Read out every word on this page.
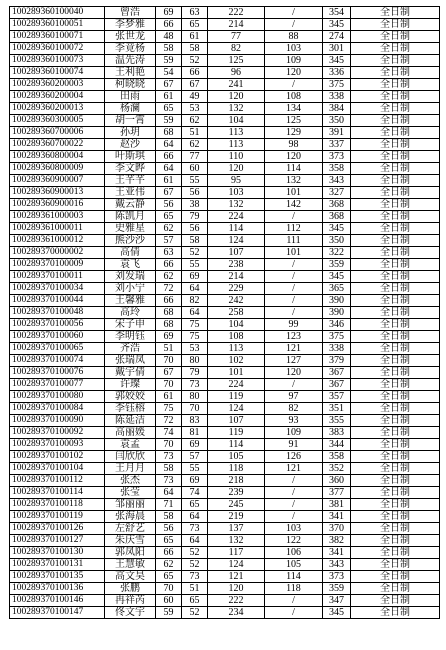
100289360100040	曾浩	69	63	222	/	354	全日制
100289360100051	李梦雅	66	65	214	/	345	全日制
100289360100071	张世龙	48	61	77	88	274	全日制
100289360100072	李竟杨	58	58	82	103	301	全日制
100289360100073	温先涛	59	52	125	109	345	全日制
100289360100074	王利艳	54	66	96	120	336	全日制
100289360200003	柯晓晓	67	67	241	/	375	全日制
100289360200004	田雨	61	49	120	108	338	全日制
100289360200013	杨澜	65	53	132	134	384	全日制
100289360300005	胡一霄	59	62	104	125	350	全日制
100289360700006	孙玥	68	51	113	129	391	全日制
100289360700022	赵沙	64	62	113	98	337	全日制
100289360800004	叶斯琪	66	77	110	120	373	全日制
100289360800009	李文晔	64	60	120	114	358	全日制
100289360900007	王芊芊	61	55	95	132	343	全日制
100289360900013	王亚伟	67	56	103	101	327	全日制
100289360900016	戴云静	56	38	132	142	368	全日制
100289361000003	陈凯月	65	79	224	/	368	全日制
100289361000011	史雅星	62	56	114	112	345	全日制
100289361000012	熊沙沙	57	58	124	111	350	全日制
100289370000002	高倩	63	52	107	101	322	全日制
100289370100009	袁飞	66	55	238	/	359	全日制
100289370100011	刘发瑞	62	69	214	/	345	全日制
100289370100034	刘小宁	72	64	229	/	365	全日制
100289370100044	王馨雅	66	82	242	/	390	全日制
100289370100048	高玲	68	64	258	/	390	全日制
100289370100056	宋子申	68	75	104	99	346	全日制
100289370100060	李明钰	69	75	108	123	375	全日制
100289370100065	齐浩	51	53	113	121	338	全日制
100289370100074	张瑞凤	70	80	102	127	379	全日制
100289370100076	戴宇倩	67	79	101	120	367	全日制
100289370100077	许璨	70	73	224	/	367	全日制
100289370100080	郭姣姣	61	80	119	97	357	全日制
100289370100084	李钰榕	75	70	124	82	351	全日制
100289370100090	陈延洁	72	83	107	93	355	全日制
100289370100092	高丽媛	74	81	119	109	383	全日制
100289370100093	袁孟	70	69	114	91	344	全日制
100289370100102	闫欣欣	73	57	105	126	358	全日制
100289370100104	王月月	58	55	118	121	352	全日制
100289370100112	张杰	73	69	218	/	360	全日制
100289370100114	张莹	64	74	239	/	377	全日制
100289370100118	邹丽丽	71	65	245	/	381	全日制
100289370100119	张海晨	58	64	219	/	341	全日制
100289370100126	左舒艺	56	73	137	103	370	全日制
100289370100127	朱庆雪	65	64	132	122	382	全日制
100289370100130	郭凤阳	66	52	117	106	341	全日制
100289370100131	王慧敏	62	52	124	105	343	全日制
100289370100135	高文昊	65	73	121	114	373	全日制
100289370100136	张鹏	70	51	120	118	359	全日制
100289370100146	冉祥芮	60	65	222	/	347	全日制
100289370100147	佟文宇	59	52	234	/	345	全日制
